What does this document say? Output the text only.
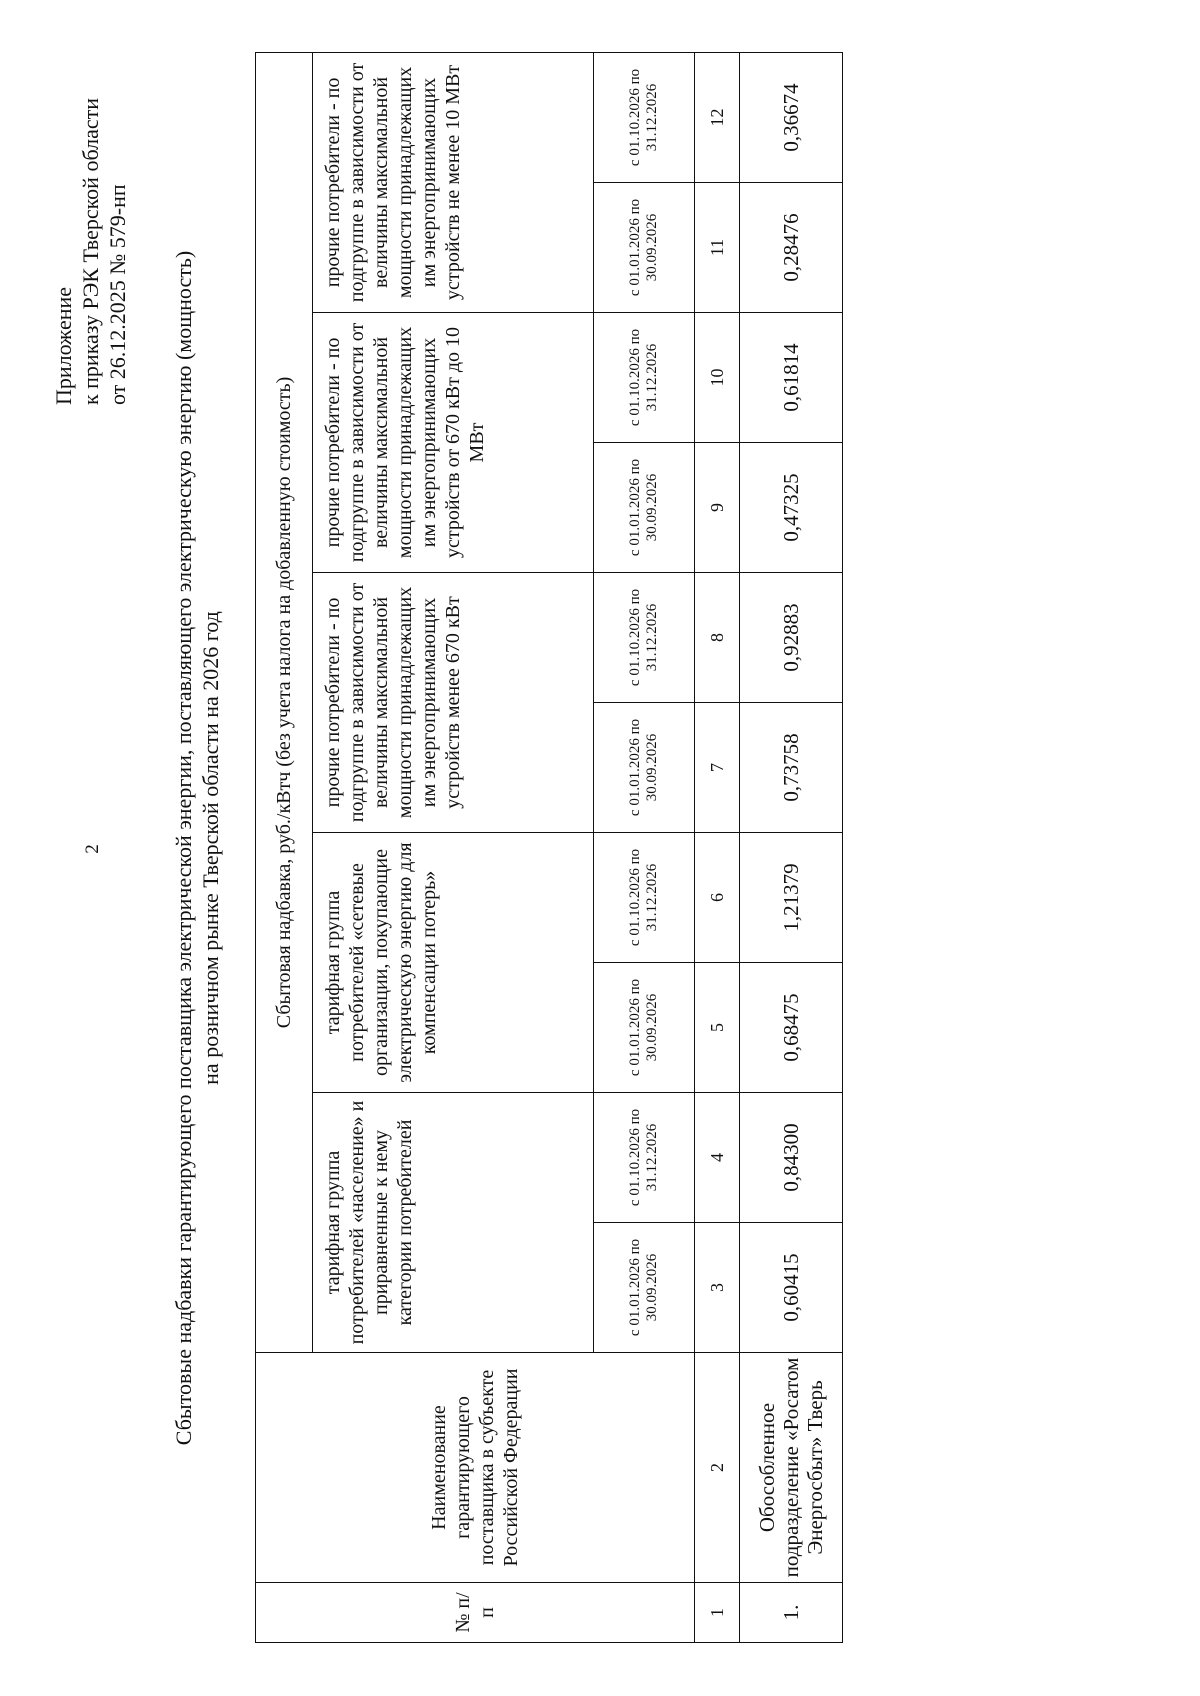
2
Приложение к приказу РЭК Тверской области от 26.12.2025 № 579-нп Сбытовые надбавки гарантирующего поставщика электрической энергии, поставляющего электрическую энергию (мощность) на розничном рынке Тверской области на 2026 год
№ п/п	Наименование гарантирующего поставщика в субъекте Российской Федерации	Сбытовая надбавка, руб./кВтч (без учета налога на добавленную стоимость)									
		тарифная группа потребителей «население» и приравненные к нему категории потребителей		тарифная группа потребителей «сетевые организации, покупающие электрическую энергию для компенсации потерь»		прочие потребители - по подгруппе в зависимости от величины максимальной мощности принадлежащих им энергопринимающих устройств менее 670 кВт		прочие потребители - по подгруппе в зависимости от величины максимальной мощности принадлежащих им энергопринимающих устройств от 670 кВт до 10 МВт		прочие потребители - по подгруппе в зависимости от величины максимальной мощности принадлежащих им энергопринимающих устройств не менее 10 МВт	
		с 01.01.2026 по 30.09.2026	с 01.10.2026 по 31.12.2026	с 01.01.2026 по 30.09.2026	с 01.10.2026 по 31.12.2026	с 01.01.2026 по 30.09.2026	с 01.10.2026 по 31.12.2026	с 01.01.2026 по 30.09.2026	с 01.10.2026 по 31.12.2026	с 01.01.2026 по 30.09.2026	с 01.10.2026 по 31.12.2026
1	2	3	4	5	6	7	8	9	10	11	12
1.	Обособленное подразделение «Росатом Энергосбыт» Тверь	0,60415	0,84300	0,68475	1,21379	0,73758	0,92883	0,47325	0,61814	0,28476	0,36674
